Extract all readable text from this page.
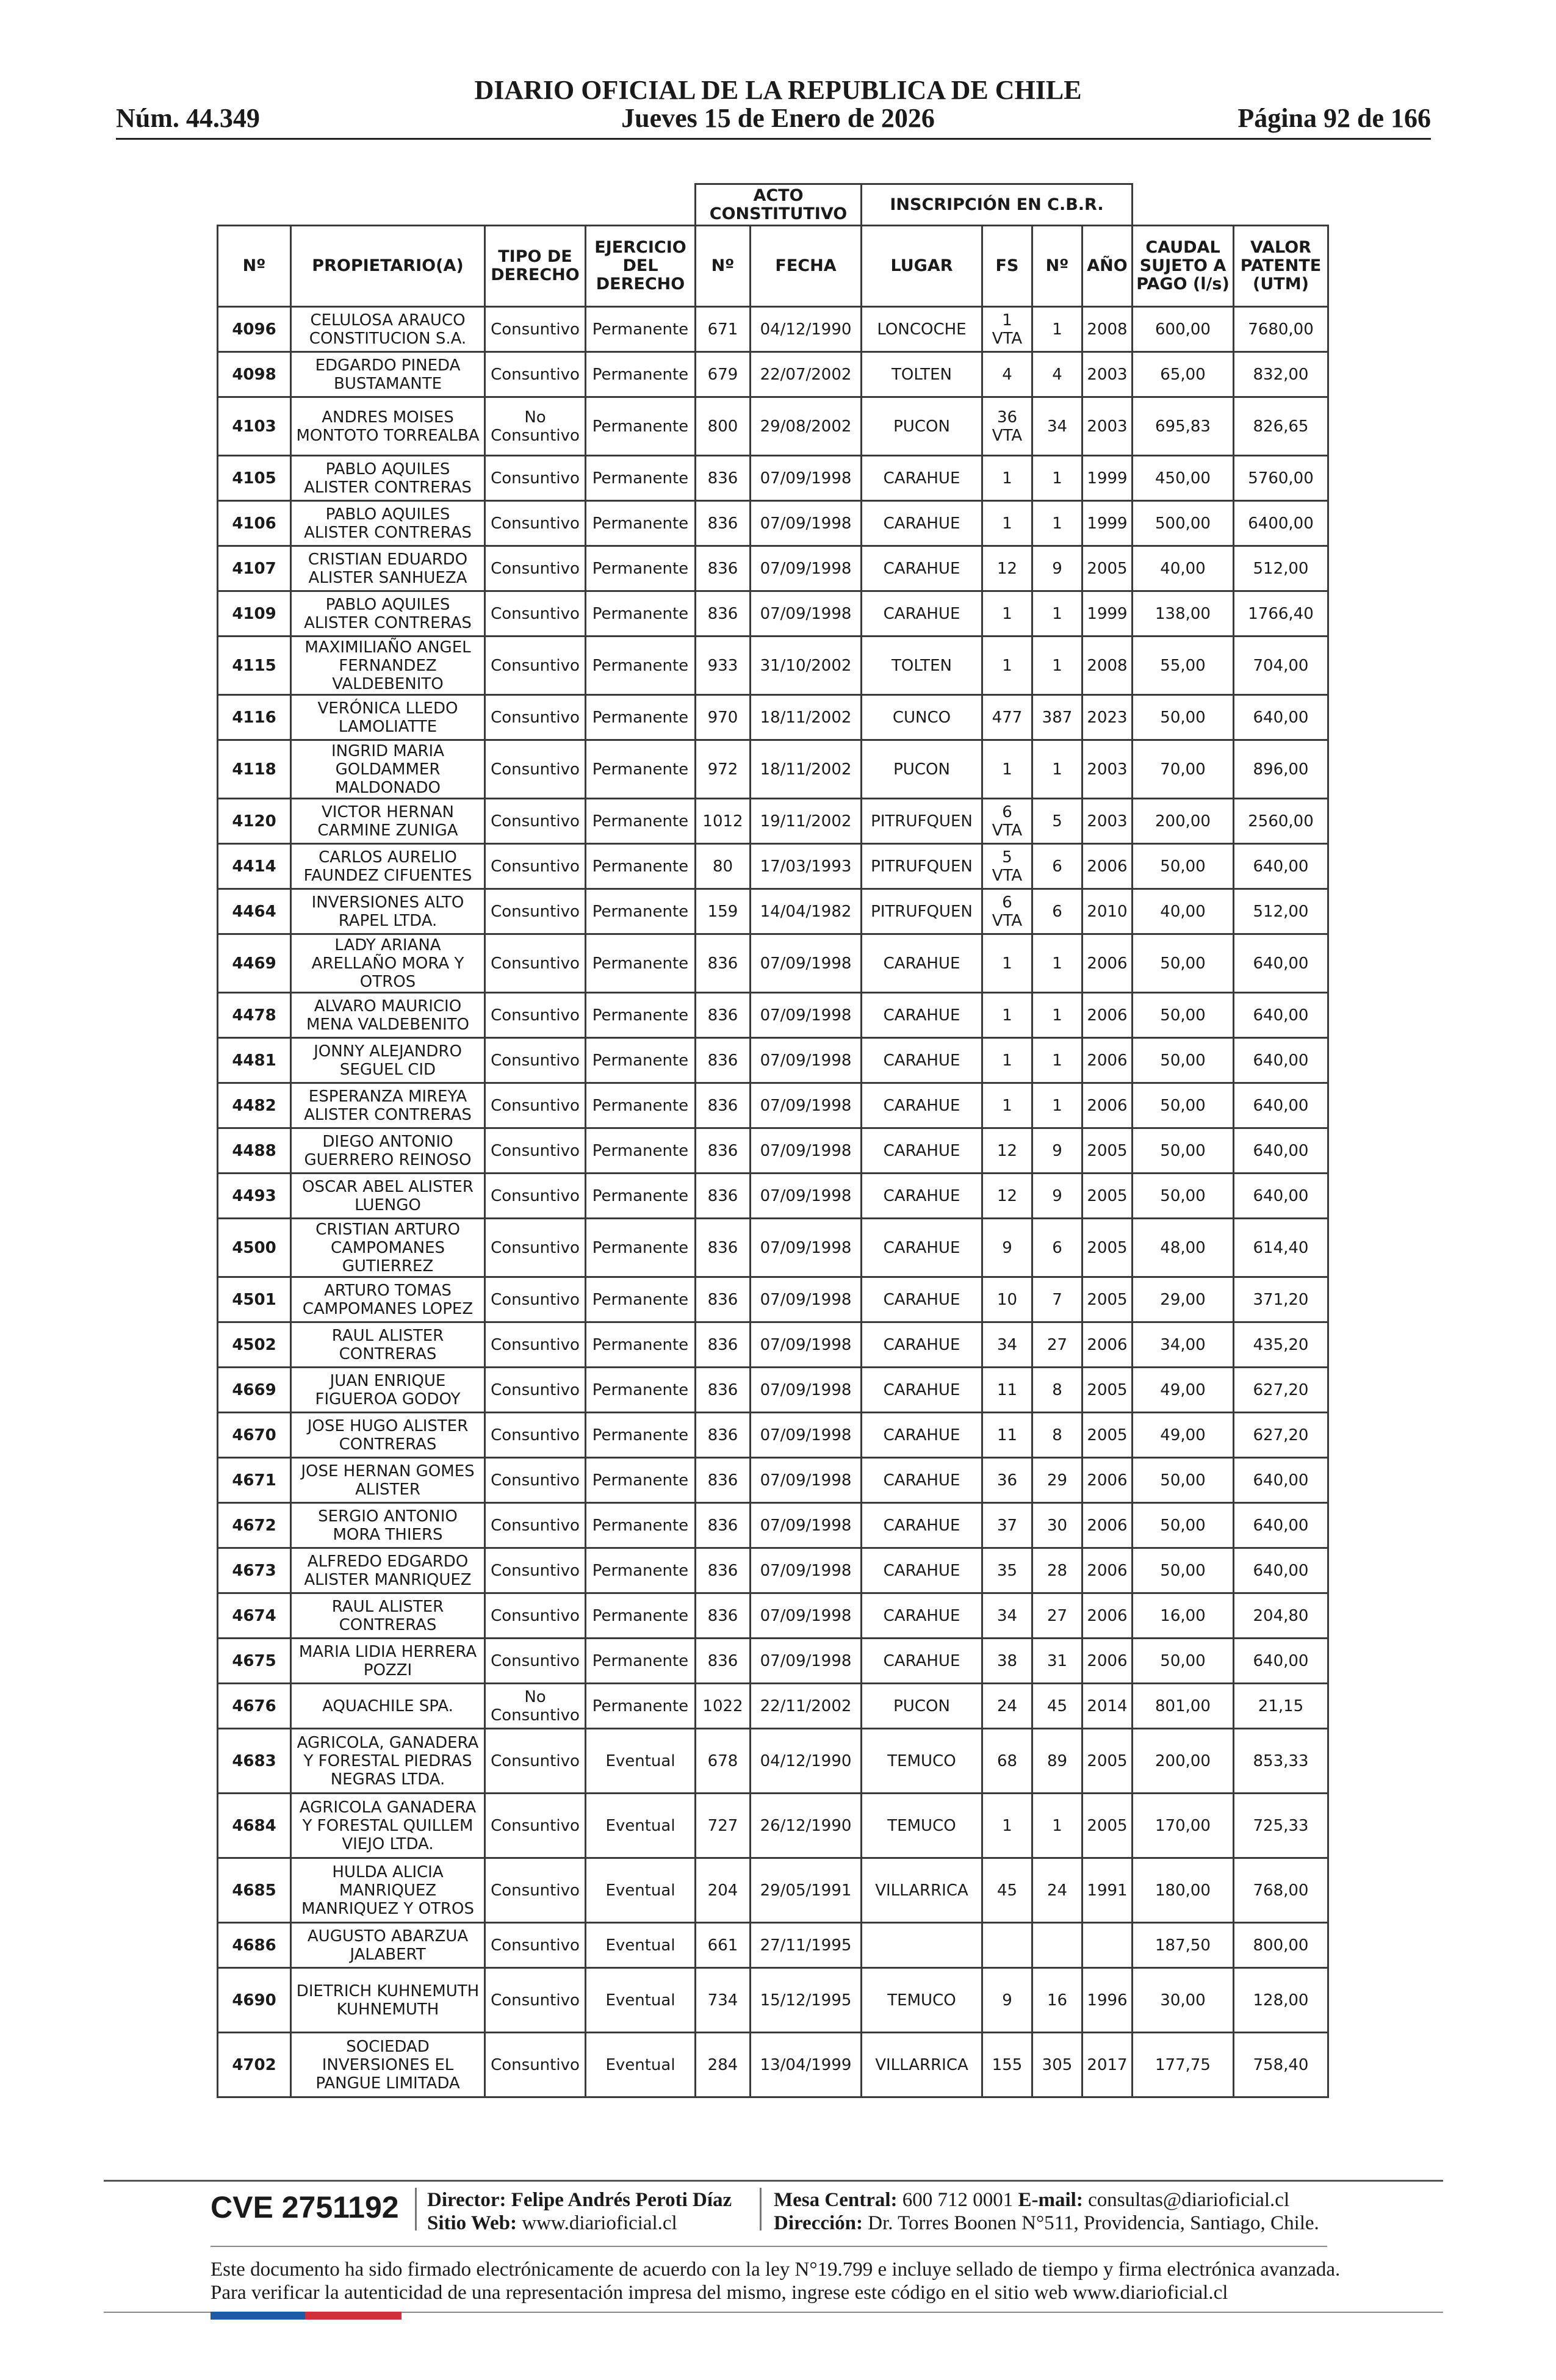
DIARIO OFICIAL DE LA REPUBLICA DE CHILE
Núm. 44.349	Jueves 15 de Enero de 2026	Página 92 de 166
				ACTO CONSTITUTIVO		INSCRIPCIÓN EN C.B.R.					
Nº	PROPIETARIO(A)	TIPO DE DERECHO	EJERCICIO DEL DERECHO	Nº	FECHA	LUGAR	FS	Nº	AÑO	CAUDAL SUJETO A PAGO (l/s)	VALOR PATENTE (UTM)
4096	CELULOSA ARAUCO CONSTITUCION S.A.	Consuntivo	Permanente	671	04/12/1990	LONCOCHE	1 VTA	1	2008	600,00	7680,00
4098	EDGARDO PINEDA BUSTAMANTE	Consuntivo	Permanente	679	22/07/2002	TOLTEN	4	4	2003	65,00	832,00
4103	ANDRES MOISES MONTOTO TORREALBA	No Consuntivo	Permanente	800	29/08/2002	PUCON	36 VTA	34	2003	695,83	826,65
4105	PABLO AQUILES ALISTER CONTRERAS	Consuntivo	Permanente	836	07/09/1998	CARAHUE	1	1	1999	450,00	5760,00
4106	PABLO AQUILES ALISTER CONTRERAS	Consuntivo	Permanente	836	07/09/1998	CARAHUE	1	1	1999	500,00	6400,00
4107	CRISTIAN EDUARDO ALISTER SANHUEZA	Consuntivo	Permanente	836	07/09/1998	CARAHUE	12	9	2005	40,00	512,00
4109	PABLO AQUILES ALISTER CONTRERAS	Consuntivo	Permanente	836	07/09/1998	CARAHUE	1	1	1999	138,00	1766,40
4115	MAXIMILIAÑO ANGEL FERNANDEZ VALDEBENITO	Consuntivo	Permanente	933	31/10/2002	TOLTEN	1	1	2008	55,00	704,00
4116	VERÓNICA LLEDO LAMOLIATTE	Consuntivo	Permanente	970	18/11/2002	CUNCO	477	387	2023	50,00	640,00
4118	INGRID MARIA GOLDAMMER MALDONADO	Consuntivo	Permanente	972	18/11/2002	PUCON	1	1	2003	70,00	896,00
4120	VICTOR HERNAN CARMINE ZUNIGA	Consuntivo	Permanente	1012	19/11/2002	PITRUFQUEN	6 VTA	5	2003	200,00	2560,00
4414	CARLOS AURELIO FAUNDEZ CIFUENTES	Consuntivo	Permanente	80	17/03/1993	PITRUFQUEN	5 VTA	6	2006	50,00	640,00
4464	INVERSIONES ALTO RAPEL LTDA.	Consuntivo	Permanente	159	14/04/1982	PITRUFQUEN	6 VTA	6	2010	40,00	512,00
4469	LADY ARIANA ARELLAÑO MORA Y OTROS	Consuntivo	Permanente	836	07/09/1998	CARAHUE	1	1	2006	50,00	640,00
4478	ALVARO MAURICIO MENA VALDEBENITO	Consuntivo	Permanente	836	07/09/1998	CARAHUE	1	1	2006	50,00	640,00
4481	JONNY ALEJANDRO SEGUEL CID	Consuntivo	Permanente	836	07/09/1998	CARAHUE	1	1	2006	50,00	640,00
4482	ESPERANZA MIREYA ALISTER CONTRERAS	Consuntivo	Permanente	836	07/09/1998	CARAHUE	1	1	2006	50,00	640,00
4488	DIEGO ANTONIO GUERRERO REINOSO	Consuntivo	Permanente	836	07/09/1998	CARAHUE	12	9	2005	50,00	640,00
4493	OSCAR ABEL ALISTER LUENGO	Consuntivo	Permanente	836	07/09/1998	CARAHUE	12	9	2005	50,00	640,00
4500	CRISTIAN ARTURO CAMPOMANES GUTIERREZ	Consuntivo	Permanente	836	07/09/1998	CARAHUE	9	6	2005	48,00	614,40
4501	ARTURO TOMAS CAMPOMANES LOPEZ	Consuntivo	Permanente	836	07/09/1998	CARAHUE	10	7	2005	29,00	371,20
4502	RAUL ALISTER CONTRERAS	Consuntivo	Permanente	836	07/09/1998	CARAHUE	34	27	2006	34,00	435,20
4669	JUAN ENRIQUE FIGUEROA GODOY	Consuntivo	Permanente	836	07/09/1998	CARAHUE	11	8	2005	49,00	627,20
4670	JOSE HUGO ALISTER CONTRERAS	Consuntivo	Permanente	836	07/09/1998	CARAHUE	11	8	2005	49,00	627,20
4671	JOSE HERNAN GOMES ALISTER	Consuntivo	Permanente	836	07/09/1998	CARAHUE	36	29	2006	50,00	640,00
4672	SERGIO ANTONIO MORA THIERS	Consuntivo	Permanente	836	07/09/1998	CARAHUE	37	30	2006	50,00	640,00
4673	ALFREDO EDGARDO ALISTER MANRIQUEZ	Consuntivo	Permanente	836	07/09/1998	CARAHUE	35	28	2006	50,00	640,00
4674	RAUL ALISTER CONTRERAS	Consuntivo	Permanente	836	07/09/1998	CARAHUE	34	27	2006	16,00	204,80
4675	MARIA LIDIA HERRERA POZZI	Consuntivo	Permanente	836	07/09/1998	CARAHUE	38	31	2006	50,00	640,00
4676	AQUACHILE SPA.	No Consuntivo	Permanente	1022	22/11/2002	PUCON	24	45	2014	801,00	21,15
4683	AGRICOLA, GANADERA Y FORESTAL PIEDRAS NEGRAS LTDA.	Consuntivo	Eventual	678	04/12/1990	TEMUCO	68	89	2005	200,00	853,33
4684	AGRICOLA GANADERA Y FORESTAL QUILLEM VIEJO LTDA.	Consuntivo	Eventual	727	26/12/1990	TEMUCO	1	1	2005	170,00	725,33
4685	HULDA ALICIA MANRIQUEZ MANRIQUEZ Y OTROS	Consuntivo	Eventual	204	29/05/1991	VILLARRICA	45	24	1991	180,00	768,00
4686	AUGUSTO ABARZUA JALABERT	Consuntivo	Eventual	661	27/11/1995					187,50	800,00
4690	DIETRICH KUHNEMUTH KUHNEMUTH	Consuntivo	Eventual	734	15/12/1995	TEMUCO	9	16	1996	30,00	128,00
4702	SOCIEDAD INVERSIONES EL PANGUE LIMITADA	Consuntivo	Eventual	284	13/04/1999	VILLARRICA	155	305	2017	177,75	758,40
CVE 2751192 Director: Felipe Andrés Peroti Díaz
Sitio Web: www.diarioficial.cl
Mesa Central: 600 712 0001 E-mail: consultas@diarioficial.cl
Dirección: Dr. Torres Boonen N°511, Providencia, Santiago, Chile.
Este documento ha sido firmado electrónicamente de acuerdo con la ley N°19.799 e incluye sellado de tiempo y firma electrónica avanzada. Para verificar la autenticidad de una representación impresa del mismo, ingrese este código en el sitio web www.diarioficial.cl
